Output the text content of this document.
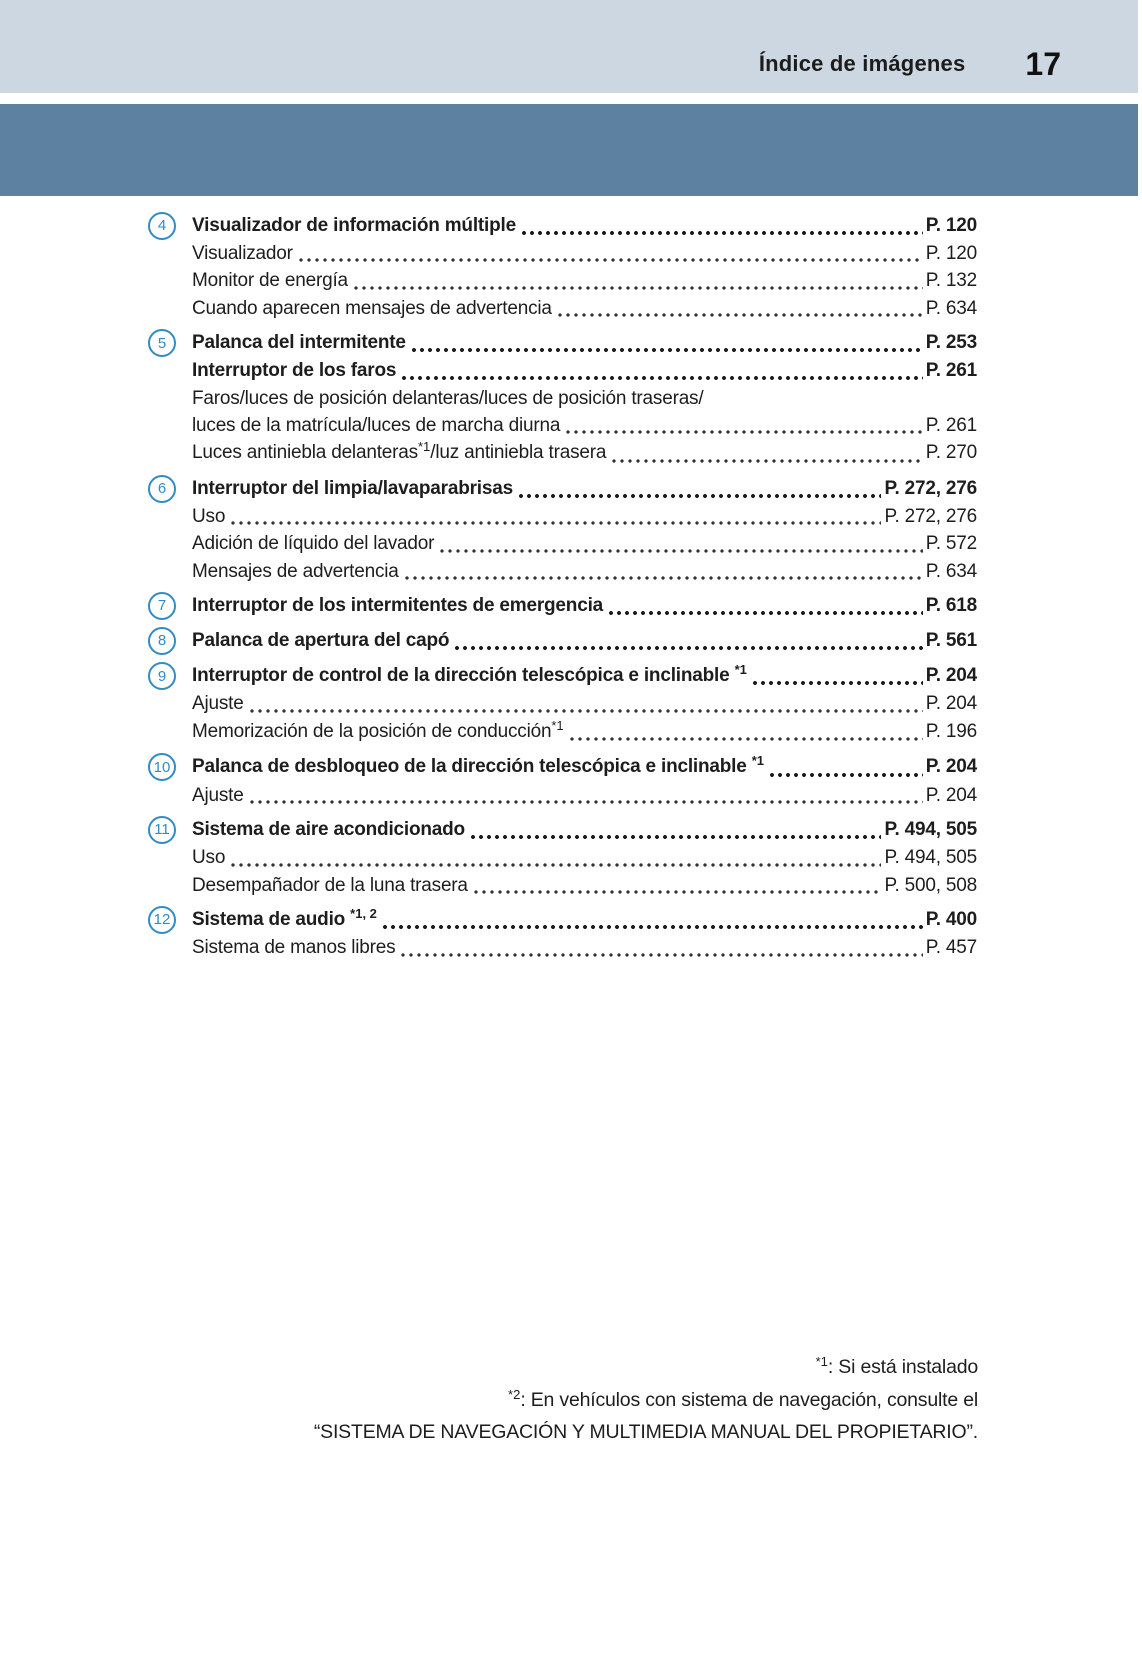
Índice de imágenes 17
4	Visualizador de información múltiple	P. 120
Visualizador	P. 120
Monitor de energía	P. 132
Cuando aparecen mensajes de advertencia	P. 634
5	Palanca del intermitente	P. 253
Interruptor de los faros	P. 261
Faros/luces de posición delanteras/luces de posición traseras/
luces de la matrícula/luces de marcha diurna	P. 261
Luces antiniebla delanteras$^{*1}$/luz antiniebla trasera	P. 270
6	Interruptor del limpia/lavaparabrisas	P. 272, 276
Uso	P. 272, 276
Adición de líquido del lavador	P. 572
Mensajes de advertencia	P. 634
7	Interruptor de los intermitentes de emergencia	P. 618
8	Palanca de apertura del capó	P. 561
9	Interruptor de control de la dirección telescópica e inclinable $^{*1}$	P. 204
Ajuste	P. 204
Memorización de la posición de conducción$^{*1}$	P. 196
10 Palanca de desbloqueo de la dirección telescópica e inclinable $^{*1}$	P. 204
Ajuste	P. 204
11	Sistema de aire acondicionado	P. 494, 505
Uso	P. 494, 505
Desempañador de la luna trasera	P. 500, 508
12 Sistema de audio $^{*1, 2}$	P. 400
Sistema de manos libres	P. 457
$^{*1}$: Si está instalado
$^{*2}$: En vehículos con sistema de navegación, consulte el
“SISTEMA DE NAVEGACIÓN Y MULTIMEDIA MANUAL DEL PROPIETARIO”.
